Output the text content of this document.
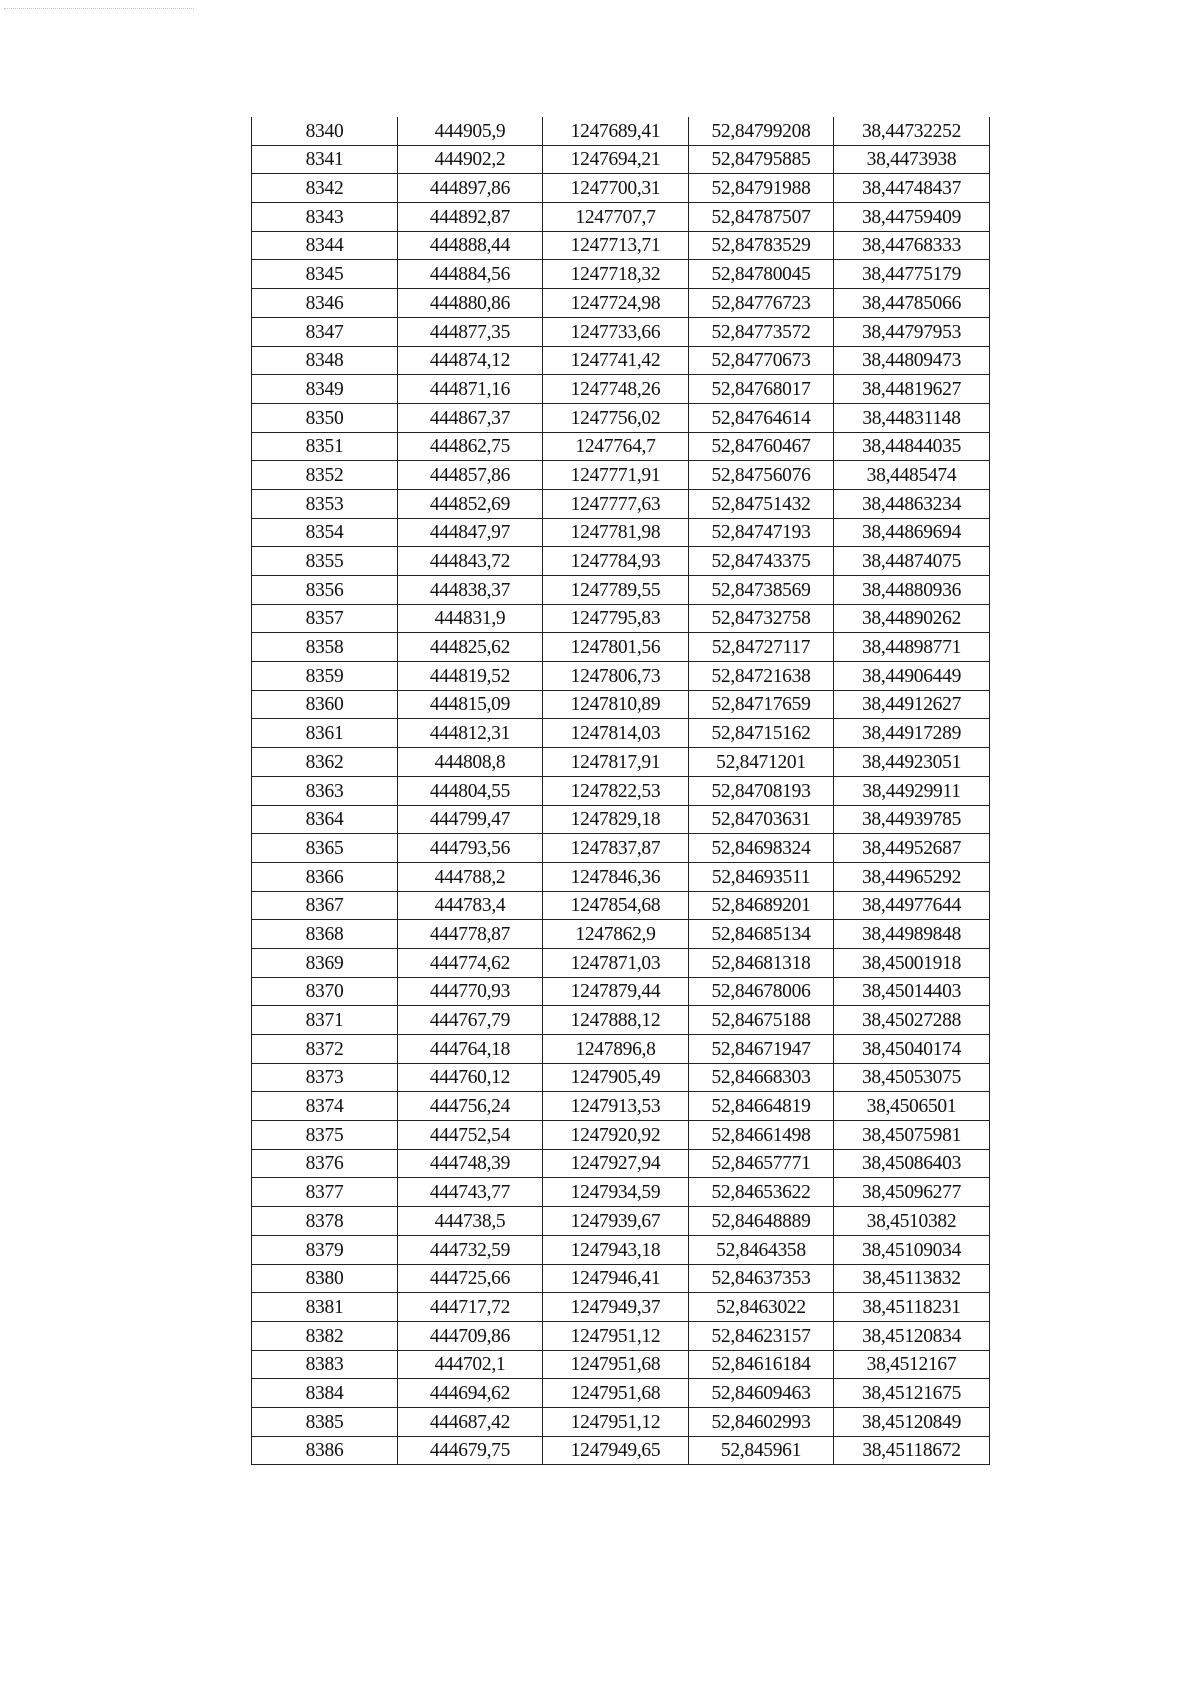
8340	444905,9	1247689,41	52,84799208	38,44732252
8341	444902,2	1247694,21	52,84795885	38,4473938
8342	444897,86	1247700,31	52,84791988	38,44748437
8343	444892,87	1247707,7	52,84787507	38,44759409
8344	444888,44	1247713,71	52,84783529	38,44768333
8345	444884,56	1247718,32	52,84780045	38,44775179
8346	444880,86	1247724,98	52,84776723	38,44785066
8347	444877,35	1247733,66	52,84773572	38,44797953
8348	444874,12	1247741,42	52,84770673	38,44809473
8349	444871,16	1247748,26	52,84768017	38,44819627
8350	444867,37	1247756,02	52,84764614	38,44831148
8351	444862,75	1247764,7	52,84760467	38,44844035
8352	444857,86	1247771,91	52,84756076	38,4485474
8353	444852,69	1247777,63	52,84751432	38,44863234
8354	444847,97	1247781,98	52,84747193	38,44869694
8355	444843,72	1247784,93	52,84743375	38,44874075
8356	444838,37	1247789,55	52,84738569	38,44880936
8357	444831,9	1247795,83	52,84732758	38,44890262
8358	444825,62	1247801,56	52,84727117	38,44898771
8359	444819,52	1247806,73	52,84721638	38,44906449
8360	444815,09	1247810,89	52,84717659	38,44912627
8361	444812,31	1247814,03	52,84715162	38,44917289
8362	444808,8	1247817,91	52,8471201	38,44923051
8363	444804,55	1247822,53	52,84708193	38,44929911
8364	444799,47	1247829,18	52,84703631	38,44939785
8365	444793,56	1247837,87	52,84698324	38,44952687
8366	444788,2	1247846,36	52,84693511	38,44965292
8367	444783,4	1247854,68	52,84689201	38,44977644
8368	444778,87	1247862,9	52,84685134	38,44989848
8369	444774,62	1247871,03	52,84681318	38,45001918
8370	444770,93	1247879,44	52,84678006	38,45014403
8371	444767,79	1247888,12	52,84675188	38,45027288
8372	444764,18	1247896,8	52,84671947	38,45040174
8373	444760,12	1247905,49	52,84668303	38,45053075
8374	444756,24	1247913,53	52,84664819	38,4506501
8375	444752,54	1247920,92	52,84661498	38,45075981
8376	444748,39	1247927,94	52,84657771	38,45086403
8377	444743,77	1247934,59	52,84653622	38,45096277
8378	444738,5	1247939,67	52,84648889	38,4510382
8379	444732,59	1247943,18	52,8464358	38,45109034
8380	444725,66	1247946,41	52,84637353	38,45113832
8381	444717,72	1247949,37	52,8463022	38,45118231
8382	444709,86	1247951,12	52,84623157	38,45120834
8383	444702,1	1247951,68	52,84616184	38,4512167
8384	444694,62	1247951,68	52,84609463	38,45121675
8385	444687,42	1247951,12	52,84602993	38,45120849
8386	444679,75	1247949,65	52,845961	38,45118672
